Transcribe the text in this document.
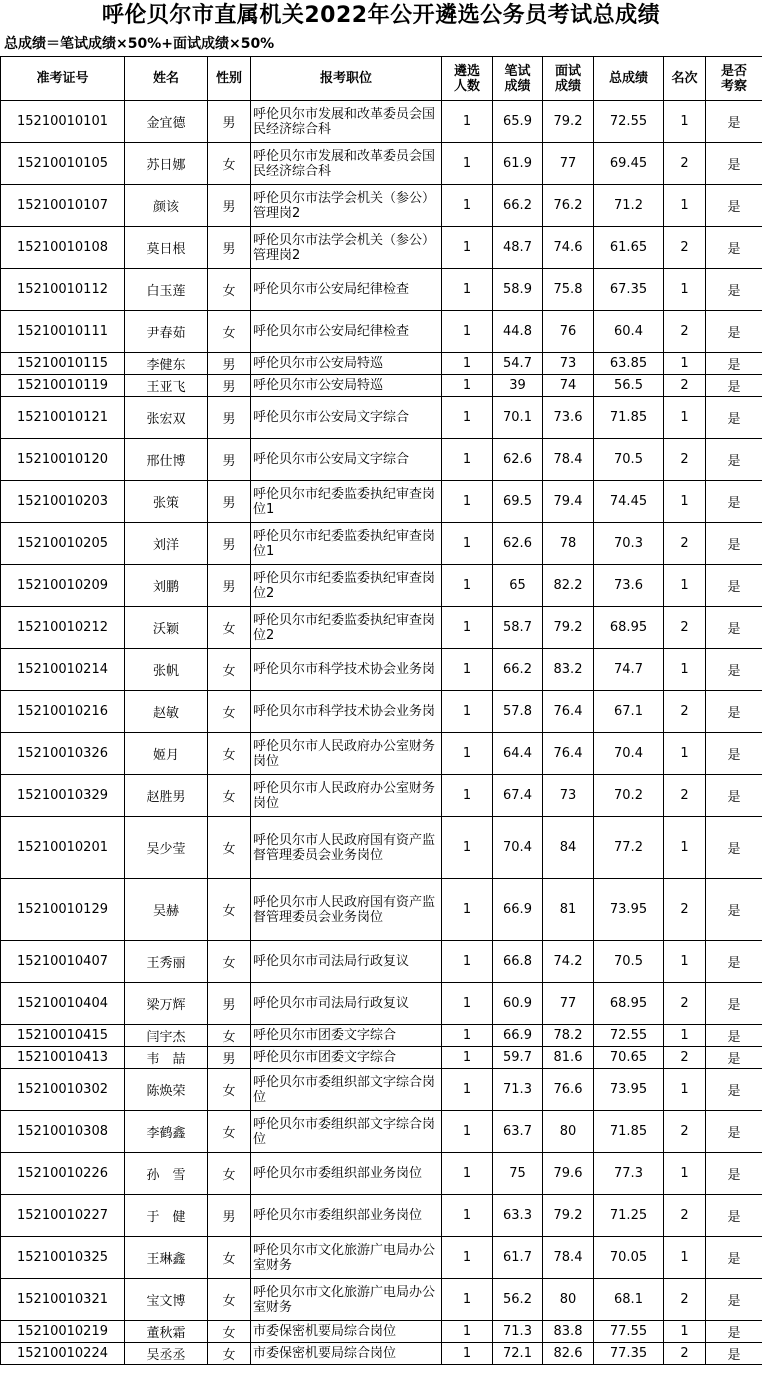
呼伦贝尔市直属机关2022年公开遴选公务员考试总成绩
总成绩＝笔试成绩×50%+面试成绩×50%
准考证号	姓名	性别	报考职位	遴选人数	笔试成绩	面试成绩	总成绩	名次	是否考察
15210010101	金宜德	男	呼伦贝尔市发展和改革委员会国民经济综合科	1	65.9	79.2	72.55	1	是
15210010105	苏日娜	女	呼伦贝尔市发展和改革委员会国民经济综合科	1	61.9	77	69.45	2	是
15210010107	颜该	男	呼伦贝尔市法学会机关（参公）管理岗2	1	66.2	76.2	71.2	1	是
15210010108	莫日根	男	呼伦贝尔市法学会机关（参公）管理岗2	1	48.7	74.6	61.65	2	是
15210010112	白玉莲	女	呼伦贝尔市公安局纪律检查	1	58.9	75.8	67.35	1	是
15210010111	尹春茹	女	呼伦贝尔市公安局纪律检查	1	44.8	76	60.4	2	是
15210010115	李健东	男	呼伦贝尔市公安局特巡	1	54.7	73	63.85	1	是
15210010119	王亚飞	男	呼伦贝尔市公安局特巡	1	39	74	56.5	2	是
15210010121	张宏双	男	呼伦贝尔市公安局文字综合	1	70.1	73.6	71.85	1	是
15210010120	邢仕博	男	呼伦贝尔市公安局文字综合	1	62.6	78.4	70.5	2	是
15210010203	张策	男	呼伦贝尔市纪委监委执纪审查岗位1	1	69.5	79.4	74.45	1	是
15210010205	刘洋	男	呼伦贝尔市纪委监委执纪审查岗位1	1	62.6	78	70.3	2	是
15210010209	刘鹏	男	呼伦贝尔市纪委监委执纪审查岗位2	1	65	82.2	73.6	1	是
15210010212	沃颖	女	呼伦贝尔市纪委监委执纪审查岗位2	1	58.7	79.2	68.95	2	是
15210010214	张帆	女	呼伦贝尔市科学技术协会业务岗	1	66.2	83.2	74.7	1	是
15210010216	赵敏	女	呼伦贝尔市科学技术协会业务岗	1	57.8	76.4	67.1	2	是
15210010326	姬月	女	呼伦贝尔市人民政府办公室财务岗位	1	64.4	76.4	70.4	1	是
15210010329	赵胜男	女	呼伦贝尔市人民政府办公室财务岗位	1	67.4	73	70.2	2	是
15210010201	吴少莹	女	呼伦贝尔市人民政府国有资产监督管理委员会业务岗位	1	70.4	84	77.2	1	是
15210010129	吴赫	女	呼伦贝尔市人民政府国有资产监督管理委员会业务岗位	1	66.9	81	73.95	2	是
15210010407	王秀丽	女	呼伦贝尔市司法局行政复议	1	66.8	74.2	70.5	1	是
15210010404	梁万辉	男	呼伦贝尔市司法局行政复议	1	60.9	77	68.95	2	是
15210010415	闫宇杰	女	呼伦贝尔市团委文字综合	1	66.9	78.2	72.55	1	是
15210010413	韦　喆	男	呼伦贝尔市团委文字综合	1	59.7	81.6	70.65	2	是
15210010302	陈焕荣	女	呼伦贝尔市委组织部文字综合岗位	1	71.3	76.6	73.95	1	是
15210010308	李鹤鑫	女	呼伦贝尔市委组织部文字综合岗位	1	63.7	80	71.85	2	是
15210010226	孙　雪	女	呼伦贝尔市委组织部业务岗位	1	75	79.6	77.3	1	是
15210010227	于　健	男	呼伦贝尔市委组织部业务岗位	1	63.3	79.2	71.25	2	是
15210010325	王琳鑫	女	呼伦贝尔市文化旅游广电局办公室财务	1	61.7	78.4	70.05	1	是
15210010321	宝文博	女	呼伦贝尔市文化旅游广电局办公室财务	1	56.2	80	68.1	2	是
15210010219	董秋霜	女	市委保密机要局综合岗位	1	71.3	83.8	77.55	1	是
15210010224	吴丞丞	女	市委保密机要局综合岗位	1	72.1	82.6	77.35	2	是
